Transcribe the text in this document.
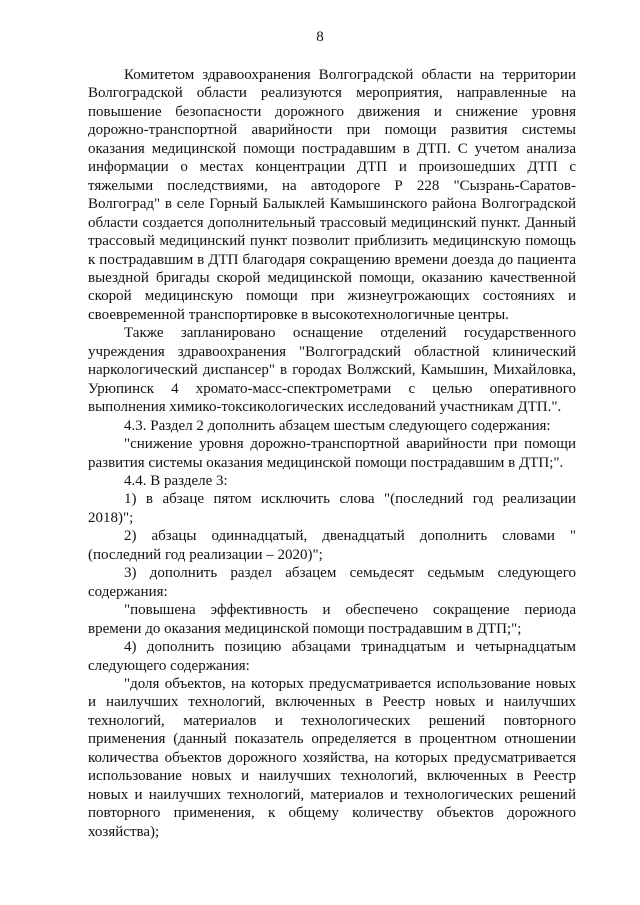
8

Комитетом здравоохранения Волгоградской области на территории Волгоградской области реализуются мероприятия, направленные на повышение безопасности дорожного движения и снижение уровня дорожно-транспортной аварийности при помощи развития системы оказания медицинской помощи пострадавшим в ДТП. С учетом анализа информации о местах концентрации ДТП и произошедших ДТП с тяжелыми последствиями, на автодороге Р 228 "Сызрань-Саратов-Волгоград" в селе Горный Балыклей Камышинского района Волгоградской области создается дополнительный трассовый медицинский пункт. Данный трассовый медицинский пункт позволит приблизить медицинскую помощь к пострадавшим в ДТП благодаря сокращению времени доезда до пациента выездной бригады скорой медицинской помощи, оказанию качественной скорой медицинскую помощи при жизнеугрожающих состояниях и своевременной транспортировке в высокотехнологичные центры.

Также запланировано оснащение отделений государственного учреждения здравоохранения "Волгоградский областной клинический наркологический диспансер" в городах Волжский, Камышин, Михайловка, Урюпинск 4 хромато-масс-спектрометрами с целью оперативного выполнения химико-токсикологических исследований участникам ДТП.".

4.3. Раздел 2 дополнить абзацем шестым следующего содержания:

"снижение уровня дорожно-транспортной аварийности при помощи развития системы оказания медицинской помощи пострадавшим в ДТП;".

4.4. В разделе 3:

1) в абзаце пятом исключить слова "(последний год реализации 2018)";

2) абзацы одиннадцатый, двенадцатый дополнить словами "(последний год реализации – 2020)";

3) дополнить раздел абзацем семьдесят седьмым следующего содержания:

"повышена эффективность и обеспечено сокращение периода времени до оказания медицинской помощи пострадавшим в ДТП;";

4) дополнить позицию абзацами тринадцатым и четырнадцатым следующего содержания:

"доля объектов, на которых предусматривается использование новых и наилучших технологий, включенных в Реестр новых и наилучших технологий, материалов и технологических решений повторного применения (данный показатель определяется в процентном отношении количества объектов дорожного хозяйства, на которых предусматривается использование новых и наилучших технологий, включенных в Реестр новых и наилучших технологий, материалов и технологических решений повторного применения, к общему количеству объектов дорожного хозяйства);
